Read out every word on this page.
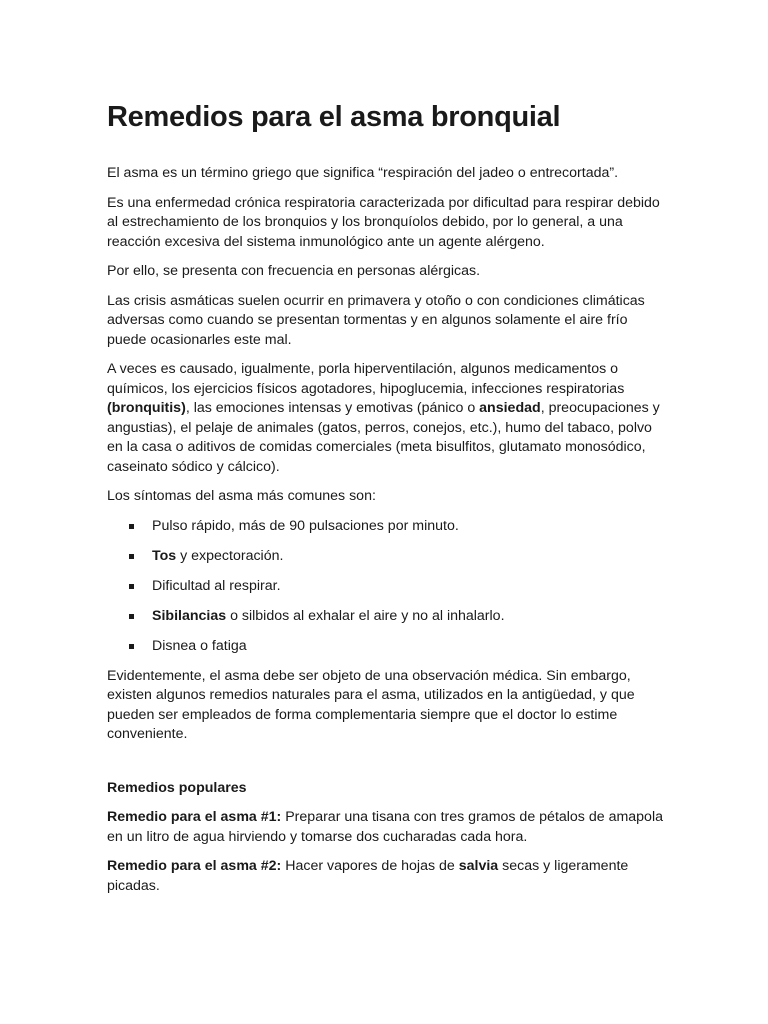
Remedios para el asma bronquial

El asma es un término griego que significa “respiración del jadeo o entrecortada”.

Es una enfermedad crónica respiratoria caracterizada por dificultad para respirar debido al estrechamiento de los bronquios y los bronquíolos debido, por lo general, a una reacción excesiva del sistema inmunológico ante un agente alérgeno.

Por ello, se presenta con frecuencia en personas alérgicas.

Las crisis asmáticas suelen ocurrir en primavera y otoño o con condiciones climáticas adversas como cuando se presentan tormentas y en algunos solamente el aire frío puede ocasionarles este mal.

A veces es causado, igualmente, porla hiperventilación, algunos medicamentos o químicos, los ejercicios físicos agotadores, hipoglucemia, infecciones respiratorias (bronquitis), las emociones intensas y emotivas (pánico o ansiedad, preocupaciones y angustias), el pelaje de animales (gatos, perros, conejos, etc.), humo del tabaco, polvo en la casa o aditivos de comidas comerciales (meta bisulfitos, glutamato monosódico, caseinato sódico y cálcico).

Los síntomas del asma más comunes son:

Pulso rápido, más de 90 pulsaciones por minuto.
Tos y expectoración.
Dificultad al respirar.
Sibilancias o silbidos al exhalar el aire y no al inhalarlo.
Disnea o fatiga

Evidentemente, el asma debe ser objeto de una observación médica. Sin embargo, existen algunos remedios naturales para el asma, utilizados en la antigüedad, y que pueden ser empleados de forma complementaria siempre que el doctor lo estime conveniente.

Remedios populares

Remedio para el asma #1: Preparar una tisana con tres gramos de pétalos de amapola en un litro de agua hirviendo y tomarse dos cucharadas cada hora.

Remedio para el asma #2: Hacer vapores de hojas de salvia secas y ligeramente picadas.
